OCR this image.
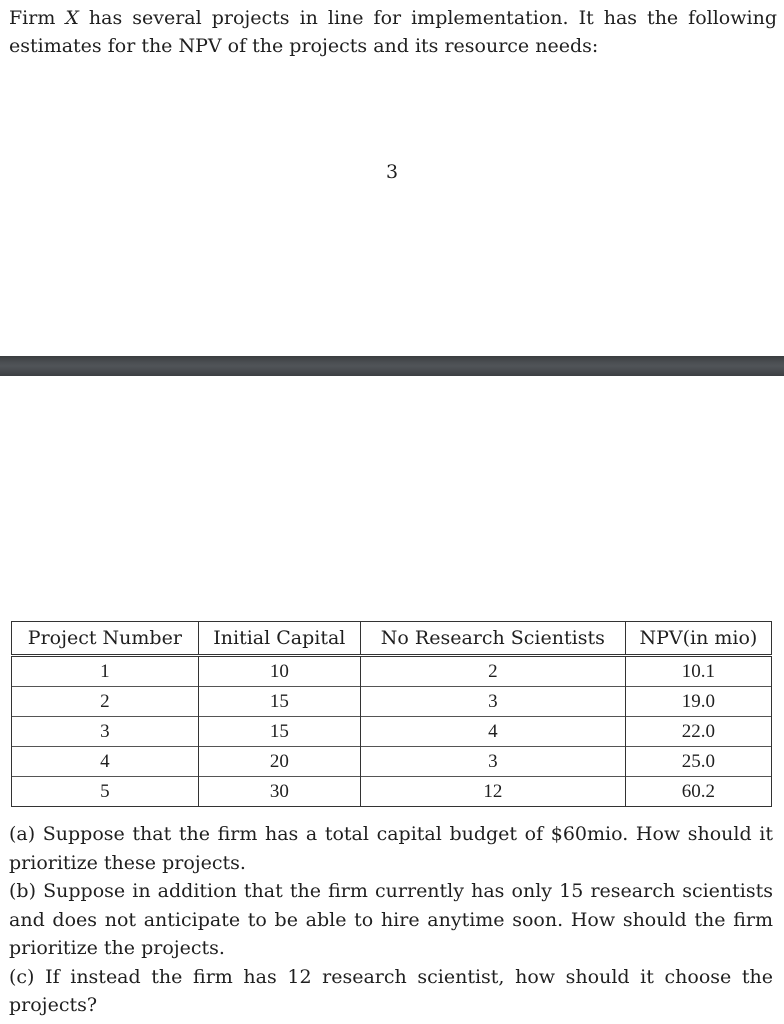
Firm X has several projects in line for implementation. It has the following estimates for the NPV of the projects and its resource needs:
3
Project Number	Initial Capital	No Research Scientists	NPV(in mio)
1	10	2	10.1
2	15	3	19.0
3	15	4	22.0
4	20	3	25.0
5	30	12	60.2

(a) Suppose that the firm has a total capital budget of $60mio. How should it prioritize these projects.

(b) Suppose in addition that the firm currently has only 15 research scientists and does not anticipate to be able to hire anytime soon. How should the firm prioritize the projects.

(c) If instead the firm has 12 research scientist, how should it choose the projects?
